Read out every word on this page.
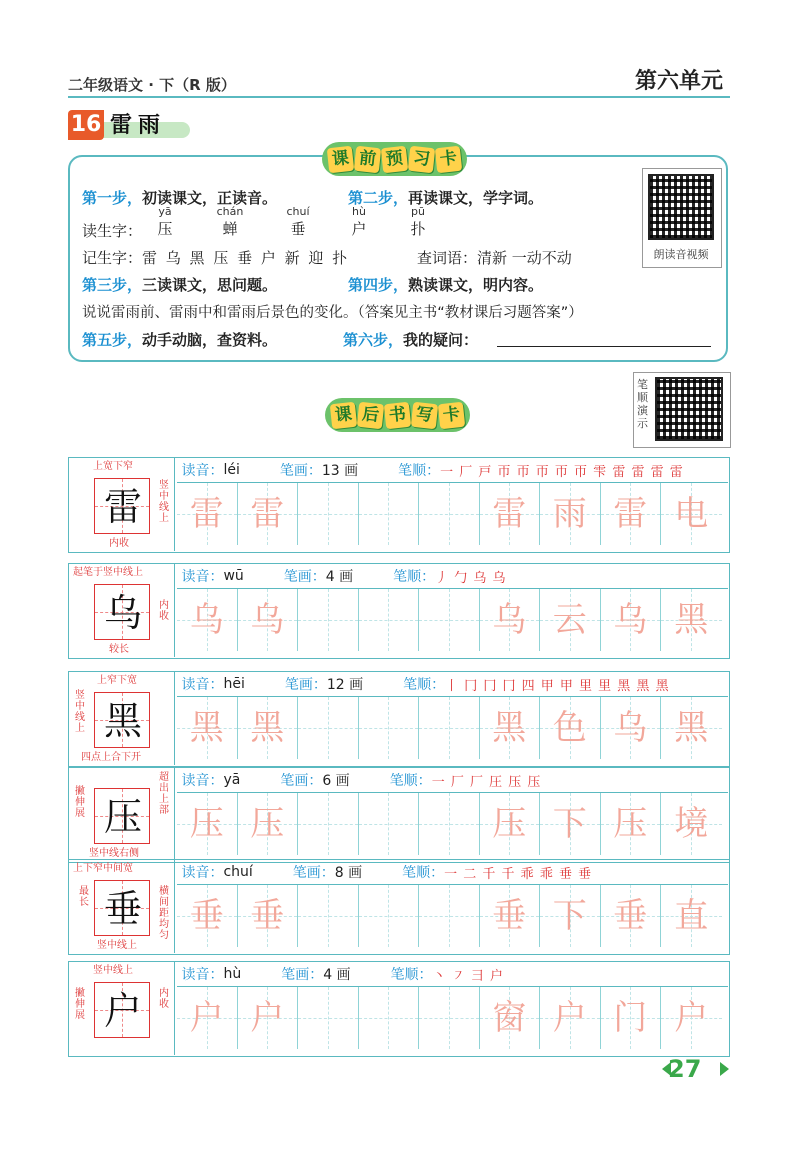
二年级语文 · 下（R 版）	第六单元
16 雷雨
课 前 预 习 卡
第一步，初读课文，正读音。	第二步，再读课文，学字词。
读生字：
yā
压
chán
蝉
chuí
垂
hù
户
pū
扑
记生字：雷 乌 黑 压 垂 户 新 迎 扑	查词语：清新 一动不动
第三步，三读课文，思问题。	第四步，熟读课文，明内容。
说说雷雨前、雷雨中和雷雨后景色的变化。（答案见主书“教材课后习题答案”）
第五步，动手动脑，查资料。	第六步，我的疑问：
朗读音视频
课 后 书 写 卡
笔顺演示
雷
上宽下窄
竖中线上
内收
读音： léi	笔画： 13 画	笔顺： 一 厂 戸 帀 帀 帀 帀 帀 雫 雷 雷 雷 雷
雷 雷	雷 雨 雷 电
乌
起笔于竖中线上
内收
较长
读音： wū	笔画： 4 画	笔顺： 丿 勹 乌 乌
乌 乌	乌 云 乌 黑
黑
上窄下宽
竖中线上
四点上合下开
读音： hēi	笔画： 12 画	笔顺： 丨 冂 冂 冂 四 甲 甲 里 里 黑 黑 黑
黑 黑	黑 色 乌 黑
压
撇伸展
超出上部
竖中线右侧
读音： yā	笔画： 6 画	笔顺： 一 厂 厂 圧 压 压
压 压	压 下 压 境
垂
上下窄中间宽
最长
横间距均匀
竖中线上
读音： chuí	笔画： 8 画	笔顺： 一 二 千 千 乖 乖 垂 垂
垂 垂	垂 下 垂 直
户
竖中线上
撇伸展
内收
读音： hù	笔画： 4 画	笔顺： 丶 ㇇ 彐 户
户 户	窗 户 门 户
27
